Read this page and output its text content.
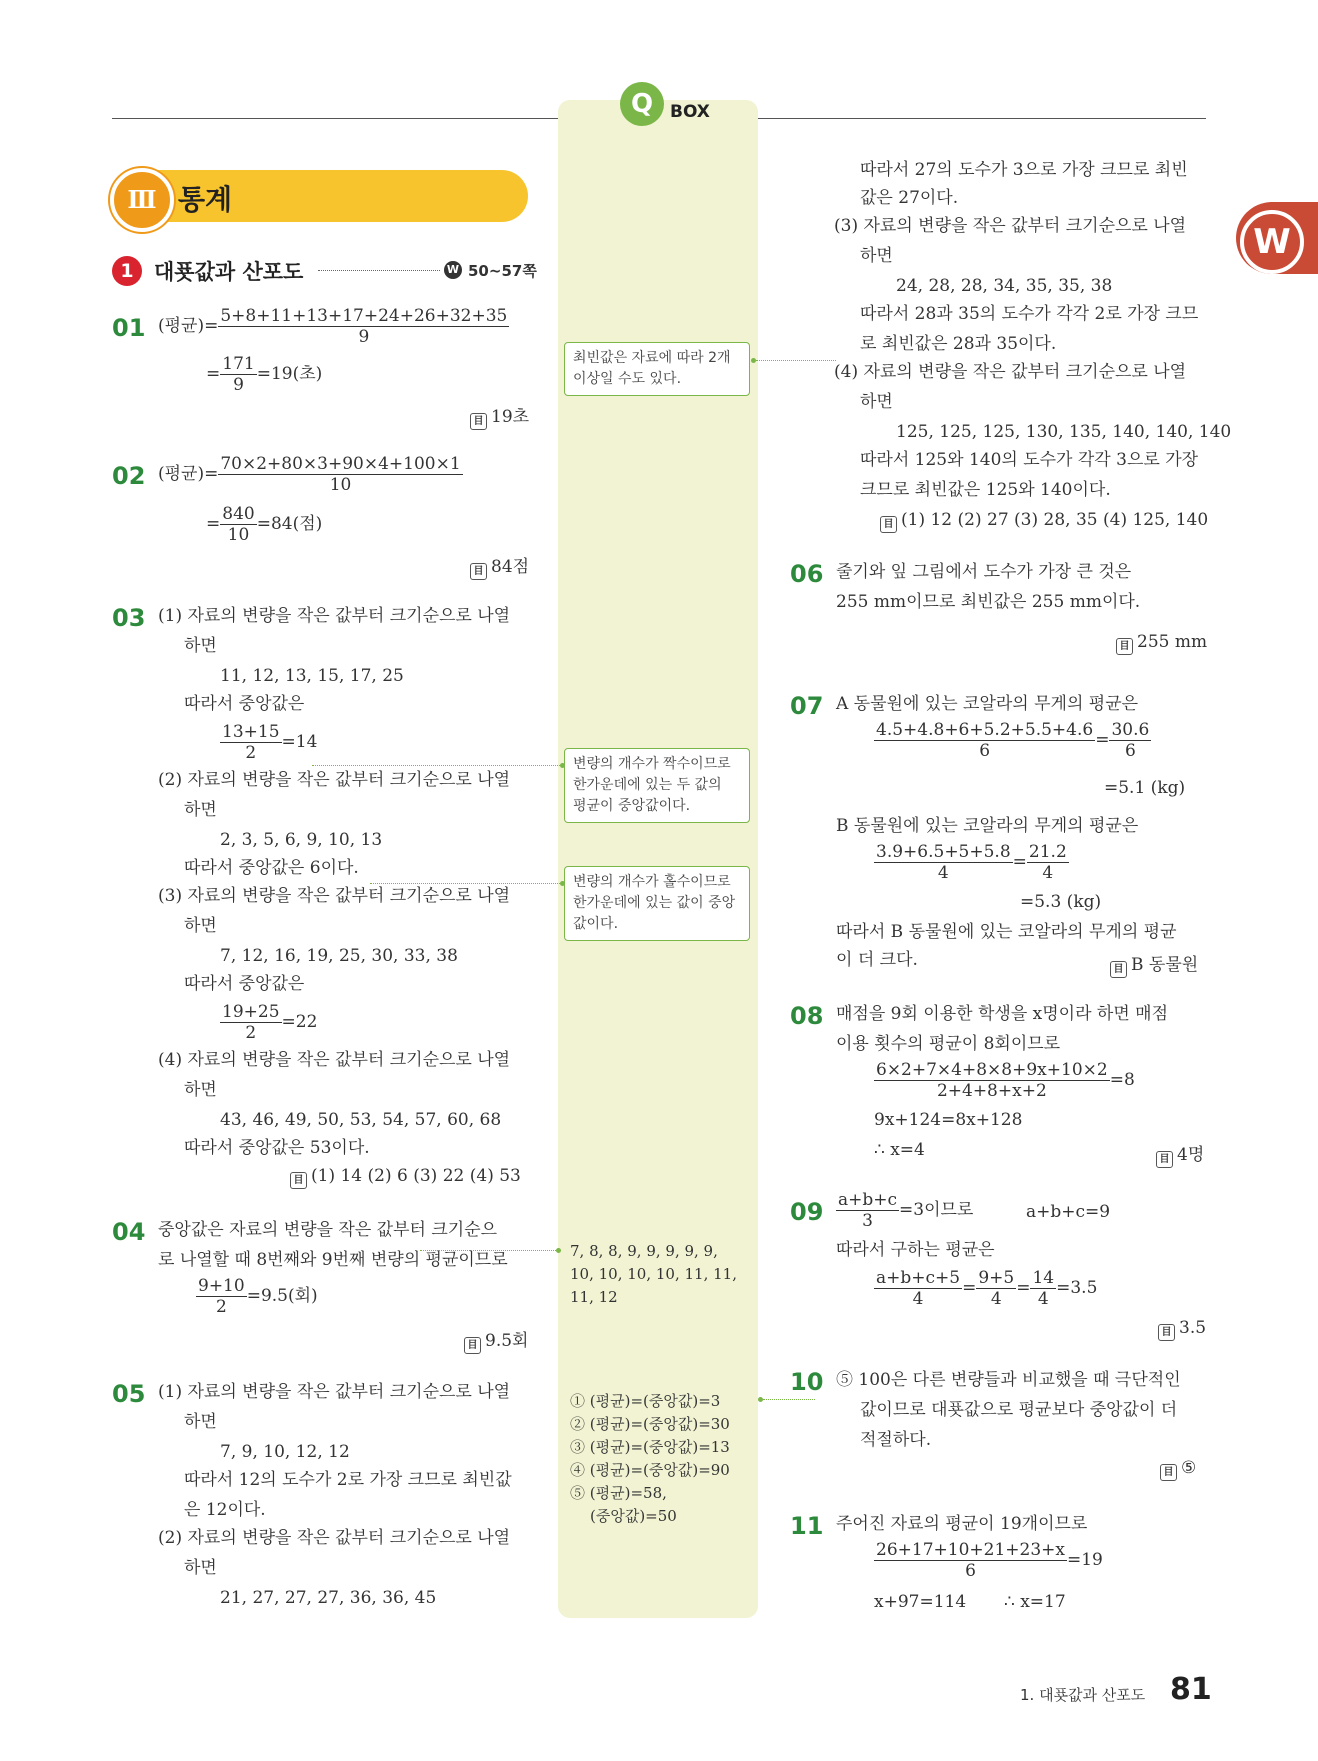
Q BOX
Ⅲ 통계
1 대푯값과 산포도	W 50~57쪽
W
01 (평균)= $\frac{5+8+11+13+17+24+26+32+35}{9}$
= $\frac{171}{9} =19$(초)
目 19초
02 (평균)= $\frac{70\times 2+80\times 3+90\times 4+100\times 1}{10}$
= $\frac{840}{10} =84$(점)
目 84점
03 (1) 자료의 변량을 작은 값부터 크기순으로 나열
하면
11, 12, 13, 15, 17, 25
따라서 중앙값은
$\frac{13+15}{2} =14$
(2) 자료의 변량을 작은 값부터 크기순으로 나열
하면
2, 3, 5, 6, 9, 10, 13
따라서 중앙값은 6이다.
(3) 자료의 변량을 작은 값부터 크기순으로 나열
하면
7, 12, 16, 19, 25, 30, 33, 38
따라서 중앙값은
$\frac{19+25}{2} =22$
(4) 자료의 변량을 작은 값부터 크기순으로 나열
하면
43, 46, 49, 50, 53, 54, 57, 60, 68
따라서 중앙값은 53이다.
目 (1) 14 (2) 6 (3) 22 (4) 53
04 중앙값은 자료의 변량을 작은 값부터 크기순으
로 나열할 때 8번째와 9번째 변량의 평균이므로
$\frac{9+10}{2} =9.5$(회)
目 9.5회
05 (1) 자료의 변량을 작은 값부터 크기순으로 나열
하면
7, 9, 10, 12, 12
따라서 12의 도수가 2로 가장 크므로 최빈값
은 12이다.
(2) 자료의 변량을 작은 값부터 크기순으로 나열
하면
21, 27, 27, 27, 36, 36, 45
따라서 27의 도수가 3으로 가장 크므로 최빈
값은 27이다.
(3) 자료의 변량을 작은 값부터 크기순으로 나열
하면
24, 28, 28, 34, 35, 35, 38
따라서 28과 35의 도수가 각각 2로 가장 크므
로 최빈값은 28과 35이다.
(4) 자료의 변량을 작은 값부터 크기순으로 나열
하면
125, 125, 125, 130, 135, 140, 140, 140
따라서 125와 140의 도수가 각각 3으로 가장
크므로 최빈값은 125와 140이다.
目 (1) 12 (2) 27 (3) 28, 35 (4) 125, 140
06 줄기와 잎 그림에서 도수가 가장 큰 것은
255 mm이므로 최빈값은 255 mm이다.
目 255 mm
07 A 동물원에 있는 코알라의 무게의 평균은
$\frac{4.5+4.8+6+5.2+5.5+4.6}{6} = \frac{30.6}{6}$
=5.1 (kg)
B 동물원에 있는 코알라의 무게의 평균은
$\frac{3.9+6.5+5+5.8}{4} = \frac{21.2}{4}$
=5.3 (kg)
따라서 B 동물원에 있는 코알라의 무게의 평균
이 더 크다.	目 B 동물원
08 매점을 9회 이용한 학생을 x명이라 하면 매점
이용 횟수의 평균이 8회이므로
$\frac{6\times 2+7\times 4+8\times 8+9x+10\times 2}{2+4+8+x+2} =8$
9x+124=8x+128
∴ x=4	目 4명
$09 \frac{a+b+c}{3} =3$이므로	a+b+c=9
따라서 구하는 평균은
$\frac{a+b+c+5}{4} = \frac{9+5}{4} = \frac{14}{4} =3.5$
目 3.5
10 ⑤ 100은 다른 변량들과 비교했을 때 극단적인
값이므로 대푯값으로 평균보다 중앙값이 더
적절하다.
目 ⑤
11 주어진 자료의 평균이 19개이므로
$\frac{26+17+10+21+23+x}{6} =19$
x+97=114 ∴ x=17
최빈값은 자료에 따라 2개
이상일 수도 있다.
변량의 개수가 짝수이므로
한가운데에 있는 두 값의
평균이 중앙값이다.
변량의 개수가 홀수이므로
한가운데에 있는 값이 중앙
값이다.
7, 8, 8, 9, 9, 9, 9, 9,
10, 10, 10, 10, 11, 11,
11, 12
① (평균)=(중앙값)=3
② (평균)=(중앙값)=30
③ (평균)=(중앙값)=13
④ (평균)=(중앙값)=90
⑤ (평균)=58,
(중앙값)=50
1. 대푯값과 산포도 81
